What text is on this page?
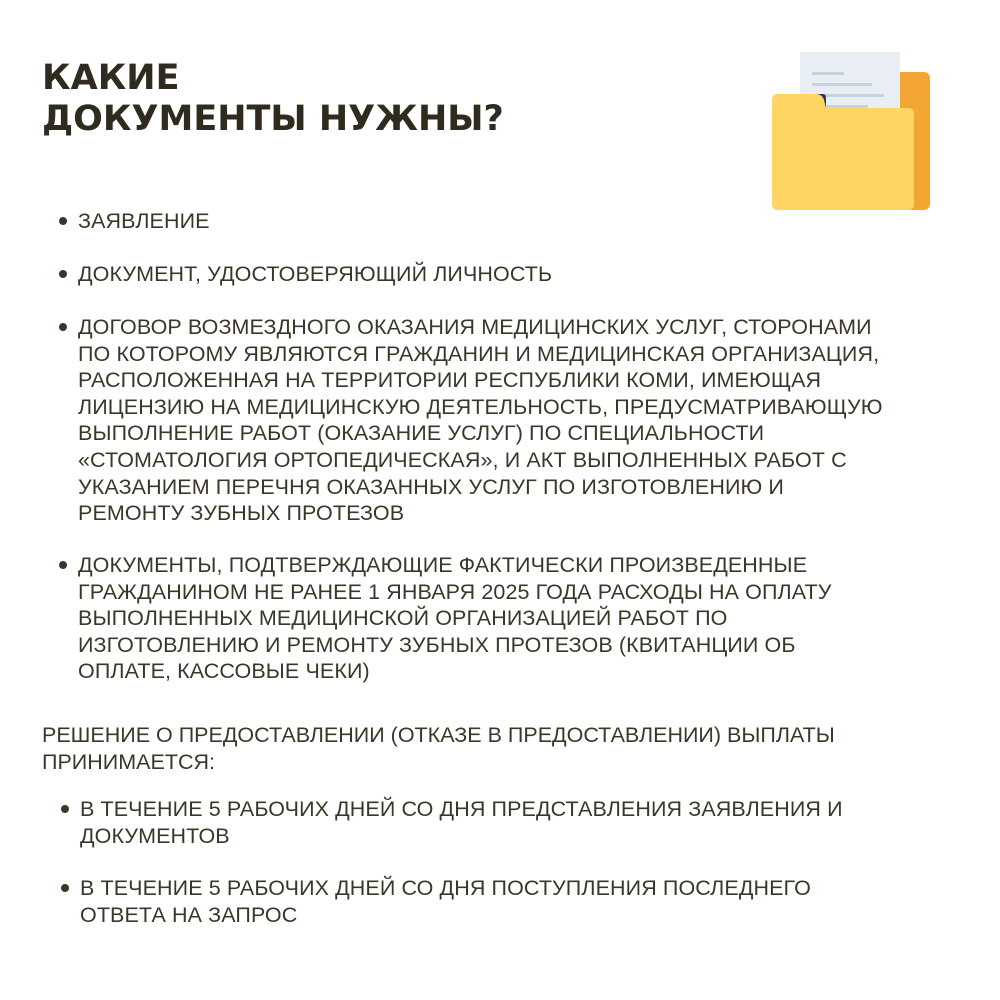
КАКИЕ
ДОКУМЕНТЫ НУЖНЫ?
ЗАЯВЛЕНИЕ
ДОКУМЕНТ, УДОСТОВЕРЯЮЩИЙ ЛИЧНОСТЬ
ДОГОВОР ВОЗМЕЗДНОГО ОКАЗАНИЯ МЕДИЦИНСКИХ УСЛУГ, СТОРОНАМИ
ПО КОТОРОМУ ЯВЛЯЮТСЯ ГРАЖДАНИН И МЕДИЦИНСКАЯ ОРГАНИЗАЦИЯ,
РАСПОЛОЖЕННАЯ НА ТЕРРИТОРИИ РЕСПУБЛИКИ КОМИ, ИМЕЮЩАЯ
ЛИЦЕНЗИЮ НА МЕДИЦИНСКУЮ ДЕЯТЕЛЬНОСТЬ, ПРЕДУСМАТРИВАЮЩУЮ
ВЫПОЛНЕНИЕ РАБОТ (ОКАЗАНИЕ УСЛУГ) ПО СПЕЦИАЛЬНОСТИ
«СТОМАТОЛОГИЯ ОРТОПЕДИЧЕСКАЯ», И АКТ ВЫПОЛНЕННЫХ РАБОТ С
УКАЗАНИЕМ ПЕРЕЧНЯ ОКАЗАННЫХ УСЛУГ ПО ИЗГОТОВЛЕНИЮ И
РЕМОНТУ ЗУБНЫХ ПРОТЕЗОВ
ДОКУМЕНТЫ, ПОДТВЕРЖДАЮЩИЕ ФАКТИЧЕСКИ ПРОИЗВЕДЕННЫЕ
ГРАЖДАНИНОМ НЕ РАНЕЕ 1 ЯНВАРЯ 2025 ГОДА РАСХОДЫ НА ОПЛАТУ
ВЫПОЛНЕННЫХ МЕДИЦИНСКОЙ ОРГАНИЗАЦИЕЙ РАБОТ ПО
ИЗГОТОВЛЕНИЮ И РЕМОНТУ ЗУБНЫХ ПРОТЕЗОВ (КВИТАНЦИИ ОБ
ОПЛАТЕ, КАССОВЫЕ ЧЕКИ)

РЕШЕНИЕ О ПРЕДОСТАВЛЕНИИ (ОТКАЗЕ В ПРЕДОСТАВЛЕНИИ) ВЫПЛАТЫ
ПРИНИМАЕТСЯ:

В ТЕЧЕНИЕ 5 РАБОЧИХ ДНЕЙ СО ДНЯ ПРЕДСТАВЛЕНИЯ ЗАЯВЛЕНИЯ И
ДОКУМЕНТОВ
В ТЕЧЕНИЕ 5 РАБОЧИХ ДНЕЙ СО ДНЯ ПОСТУПЛЕНИЯ ПОСЛЕДНЕГО
ОТВЕТА НА ЗАПРОС
